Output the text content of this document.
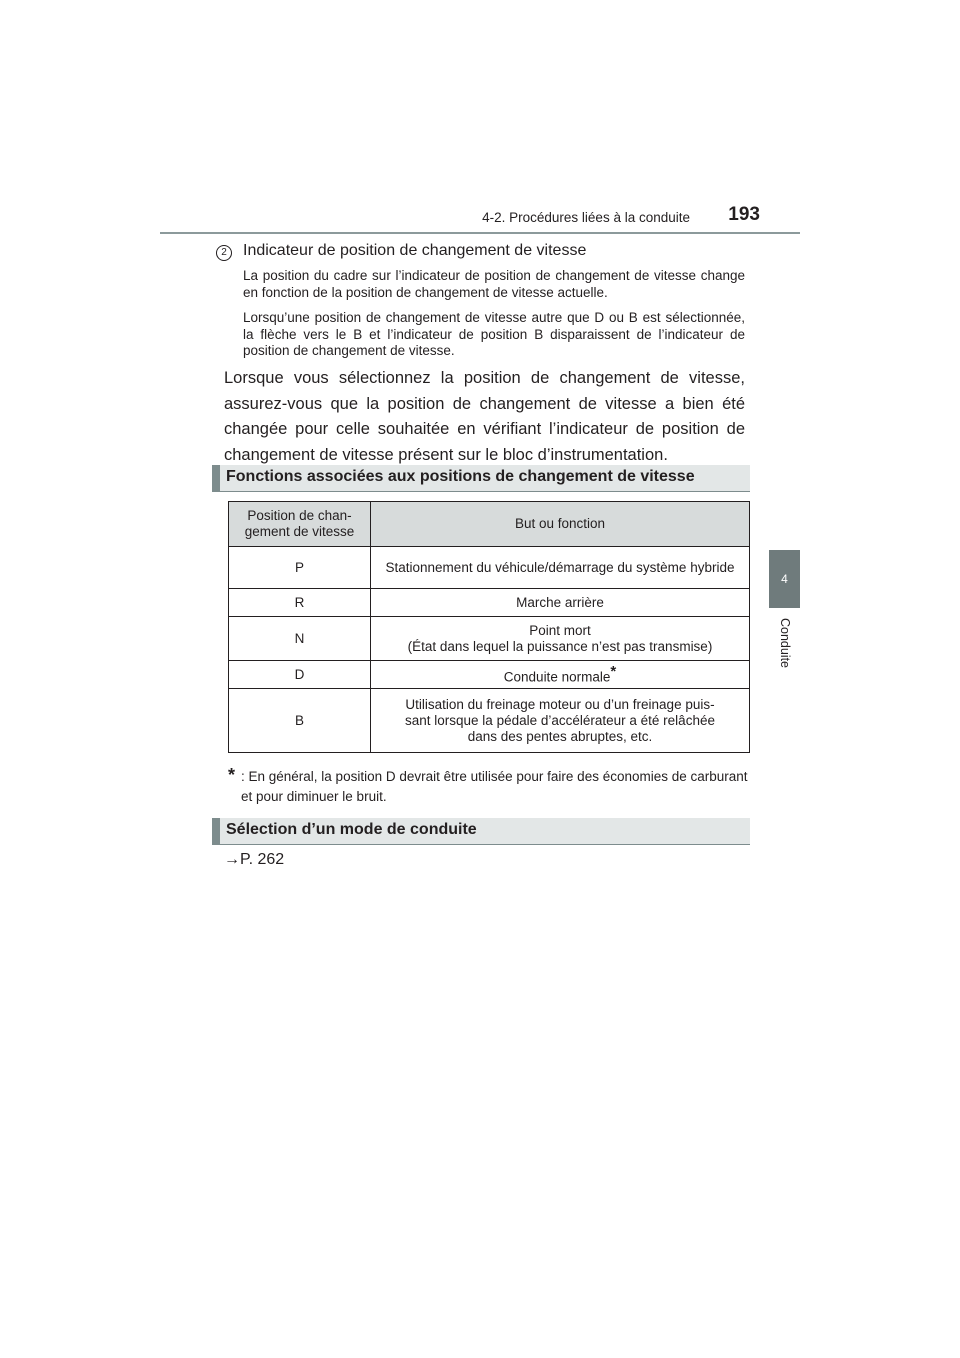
4-2. Procédures liées à la conduite 193
4
Conduite
2	Indicateur de position de changement de vitesse
La position du cadre sur l’indicateur de position de changement de vitesse change en fonction de la position de changement de vitesse actuelle.
Lorsqu’une position de changement de vitesse autre que D ou B est sélectionnée, la flèche vers le B et l’indicateur de position B disparaissent de l’indicateur de position de changement de vitesse.
Lorsque vous sélectionnez la position de changement de vitesse, assurez-vous que la position de changement de vitesse a bien été changée pour celle souhaitée en vérifiant l’indicateur de position de changement de vitesse présent sur le bloc d’instrumentation.
Fonctions associées aux positions de changement de vitesse
Position de chan-
gement de vitesse	But ou fonction
P	Stationnement du véhicule/démarrage du système hybride
R	Marche arrière
N	Point mort
(État dans lequel la puissance n’est pas transmise)
D	Conduite normale*
B	Utilisation du freinage moteur ou d’un freinage puis-
sant lorsque la pédale d’accélérateur a été relâchée
dans des pentes abruptes, etc.
* : En général, la position D devrait être utilisée pour faire des économies de carburant et pour diminuer le bruit.
Sélection d’un mode de conduite
→P. 262
